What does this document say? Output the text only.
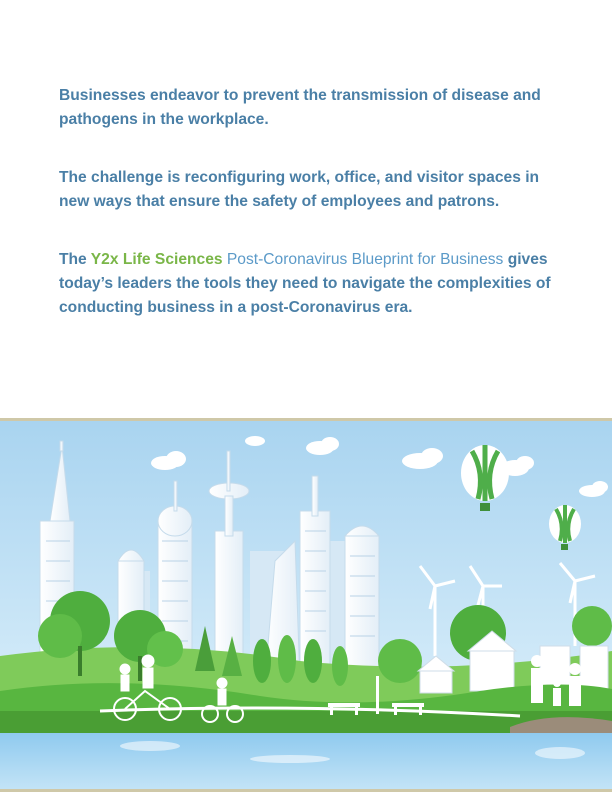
Businesses endeavor to prevent the transmission of disease and pathogens in the workplace.

The challenge is reconfiguring work, office, and visitor spaces in new ways that ensure the safety of employees and patrons.

The Y2x Life Sciences Post-Coronavirus Blueprint for Business gives today’s leaders the tools they need to navigate the complexities of conducting business in a post-Coronavirus era.
